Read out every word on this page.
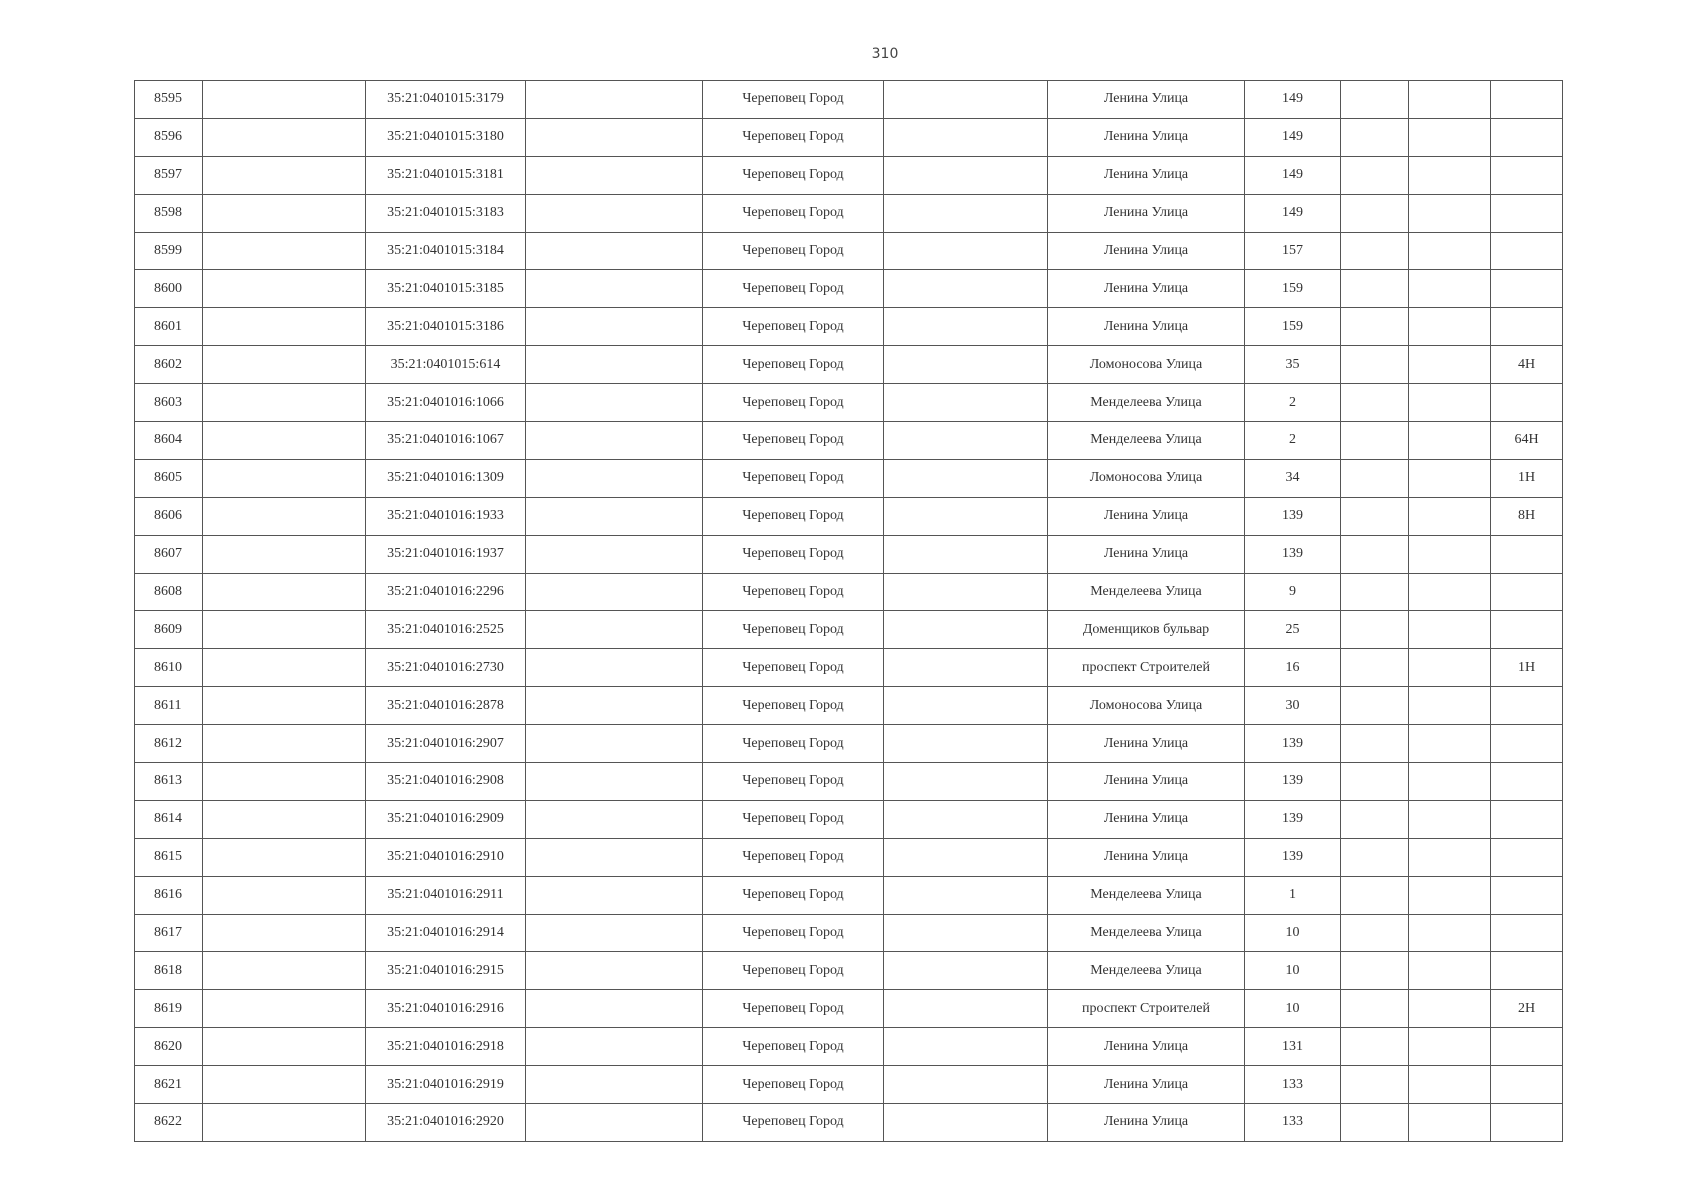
310
8595		35:21:0401015:3179		Череповец Город		Ленина Улица	149			
8596		35:21:0401015:3180		Череповец Город		Ленина Улица	149			
8597		35:21:0401015:3181		Череповец Город		Ленина Улица	149			
8598		35:21:0401015:3183		Череповец Город		Ленина Улица	149			
8599		35:21:0401015:3184		Череповец Город		Ленина Улица	157			
8600		35:21:0401015:3185		Череповец Город		Ленина Улица	159			
8601		35:21:0401015:3186		Череповец Город		Ленина Улица	159			
8602		35:21:0401015:614		Череповец Город		Ломоносова Улица	35			4Н
8603		35:21:0401016:1066		Череповец Город		Менделеева Улица	2			
8604		35:21:0401016:1067		Череповец Город		Менделеева Улица	2			64Н
8605		35:21:0401016:1309		Череповец Город		Ломоносова Улица	34			1Н
8606		35:21:0401016:1933		Череповец Город		Ленина Улица	139			8Н
8607		35:21:0401016:1937		Череповец Город		Ленина Улица	139			
8608		35:21:0401016:2296		Череповец Город		Менделеева Улица	9			
8609		35:21:0401016:2525		Череповец Город		Доменщиков бульвар	25			
8610		35:21:0401016:2730		Череповец Город		проспект Строителей	16			1Н
8611		35:21:0401016:2878		Череповец Город		Ломоносова Улица	30			
8612		35:21:0401016:2907		Череповец Город		Ленина Улица	139			
8613		35:21:0401016:2908		Череповец Город		Ленина Улица	139			
8614		35:21:0401016:2909		Череповец Город		Ленина Улица	139			
8615		35:21:0401016:2910		Череповец Город		Ленина Улица	139			
8616		35:21:0401016:2911		Череповец Город		Менделеева Улица	1			
8617		35:21:0401016:2914		Череповец Город		Менделеева Улица	10			
8618		35:21:0401016:2915		Череповец Город		Менделеева Улица	10			
8619		35:21:0401016:2916		Череповец Город		проспект Строителей	10			2Н
8620		35:21:0401016:2918		Череповец Город		Ленина Улица	131			
8621		35:21:0401016:2919		Череповец Город		Ленина Улица	133			
8622		35:21:0401016:2920		Череповец Город		Ленина Улица	133			
